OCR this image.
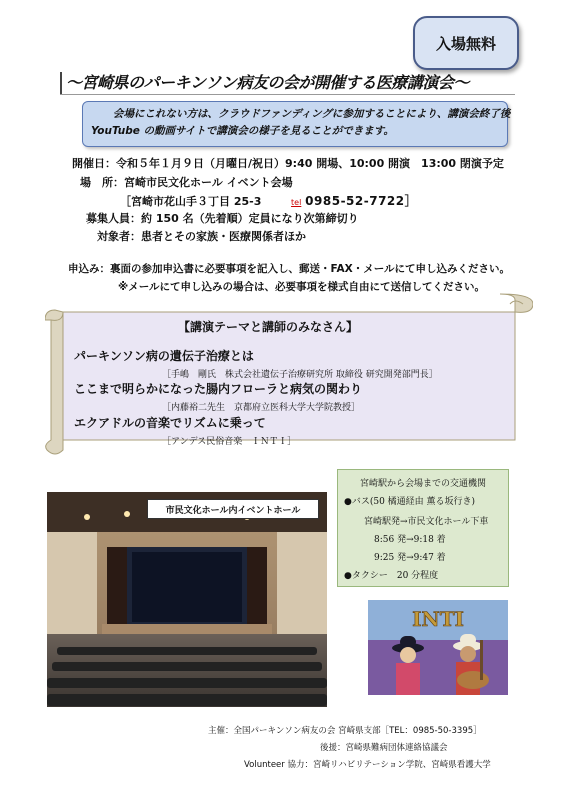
入場無料
～宮崎県のパーキンソン病友の会が開催する医療講演会～
会場にこれない方は、クラウドファンディングに参加することにより、講演会終了後
YouTube の動画サイトで講演会の様子を見ることができます。
開催日：令和５年１月９日（月曜日/祝日）9:40 開場、10:00 開演　13:00 閉演予定
場　所：宮崎市民文化ホール イベント会場
［宮崎市花山手３丁目 25-3	tel 0985-52-7722］
募集人員：約 150 名（先着順）定員になり次第締切り
対象者：患者とその家族・医療関係者ほか
申込み：裏面の参加申込書に必要事項を記入し、郵送・FAX・メールにて申し込みください。
※メールにて申し込みの場合は、必要事項を様式自由にて送信してください。
【講演テーマと講師のみなさん】
パーキンソン病の遺伝子治療とは
［手嶋　剛氏　株式会社遺伝子治療研究所 取締役 研究開発部門長］
ここまで明らかになった腸内フローラと病気の関わり
［内藤裕二先生　京都府立医科大学大学院教授］
エクアドルの音楽でリズムに乗って
［アンデス民俗音楽　ＩＮＴＩ］
市民文化ホール内イベントホール
宮崎駅から会場までの交通機関
●バス(50 橘通経由 薫る坂行き)
宮崎駅発→市民文化ホール下車
8:56 発→9:18 着
9:25 発→9:47 着
●タクシー　20 分程度
INTI
主催：全国パーキンソン病友の会 宮崎県支部［TEL：0985-50-3395］
後援：宮崎県難病団体連絡協議会
Volunteer 協力：宮崎リハビリテーション学院、宮崎県看護大学
